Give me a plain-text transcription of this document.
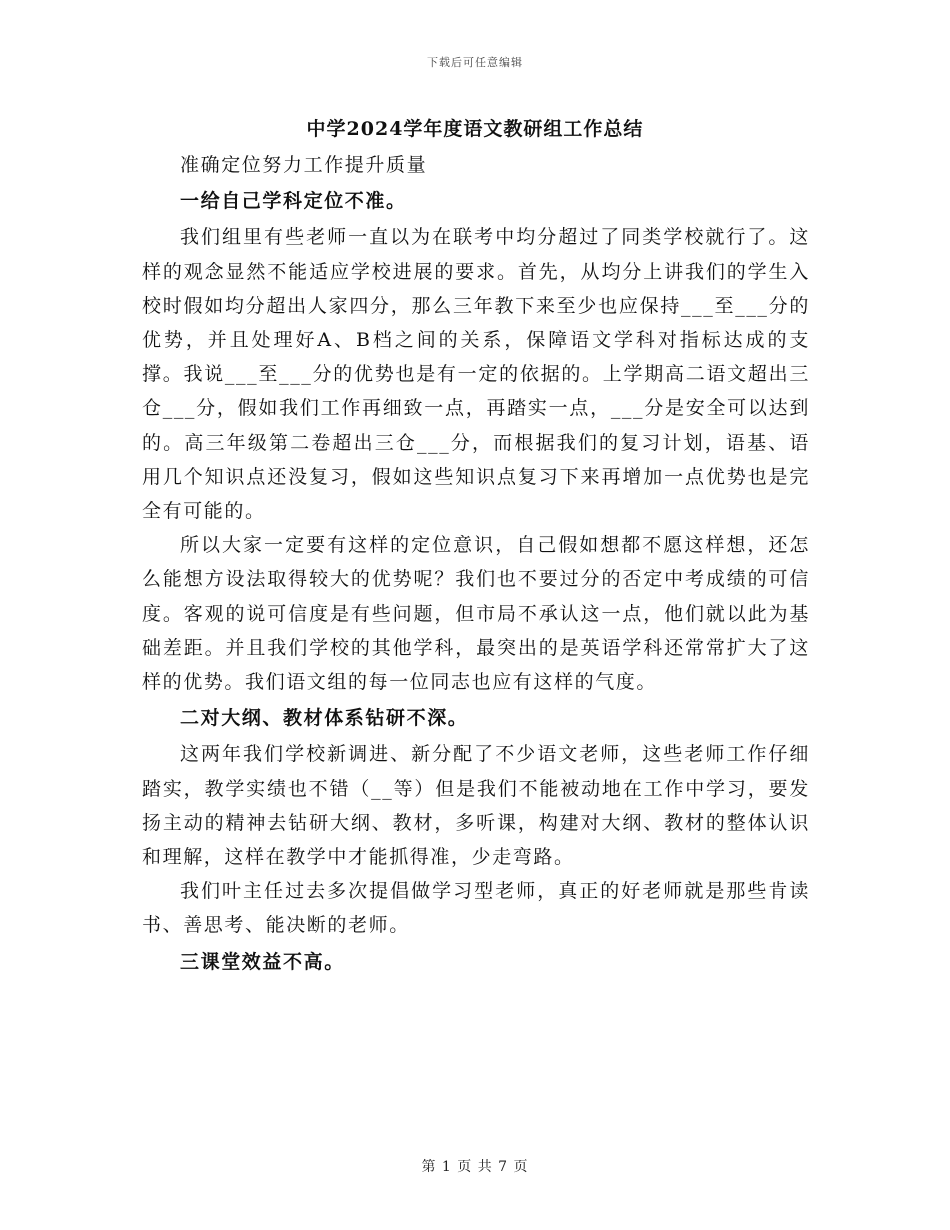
下载后可任意编辑
中学2024学年度语文教研组工作总结

准确定位努力工作提升质量

一给自己学科定位不准。

我们组里有些老师一直以为在联考中均分超过了同类学校就行了。这样的观念显然不能适应学校进展的要求。首先，从均分上讲我们的学生入校时假如均分超出人家四分，那么三年教下来至少也应保持___至___分的优势，并且处理好A、B档之间的关系，保障语文学科对指标达成的支撑。我说___至___分的优势也是有一定的依据的。上学期高二语文超出三仓___分，假如我们工作再细致一点，再踏实一点，___分是安全可以达到的。高三年级第二卷超出三仓___分，而根据我们的复习计划，语基、语用几个知识点还没复习，假如这些知识点复习下来再增加一点优势也是完全有可能的。

所以大家一定要有这样的定位意识，自己假如想都不愿这样想，还怎么能想方设法取得较大的优势呢？我们也不要过分的否定中考成绩的可信度。客观的说可信度是有些问题，但市局不承认这一点，他们就以此为基础差距。并且我们学校的其他学科，最突出的是英语学科还常常扩大了这样的优势。我们语文组的每一位同志也应有这样的气度。

二对大纲、教材体系钻研不深。

这两年我们学校新调进、新分配了不少语文老师，这些老师工作仔细踏实，教学实绩也不错（__等）但是我们不能被动地在工作中学习，要发扬主动的精神去钻研大纲、教材，多听课，构建对大纲、教材的整体认识和理解，这样在教学中才能抓得准，少走弯路。

我们叶主任过去多次提倡做学习型老师，真正的好老师就是那些肯读书、善思考、能决断的老师。

三课堂效益不高。

第 1 页 共 7 页
